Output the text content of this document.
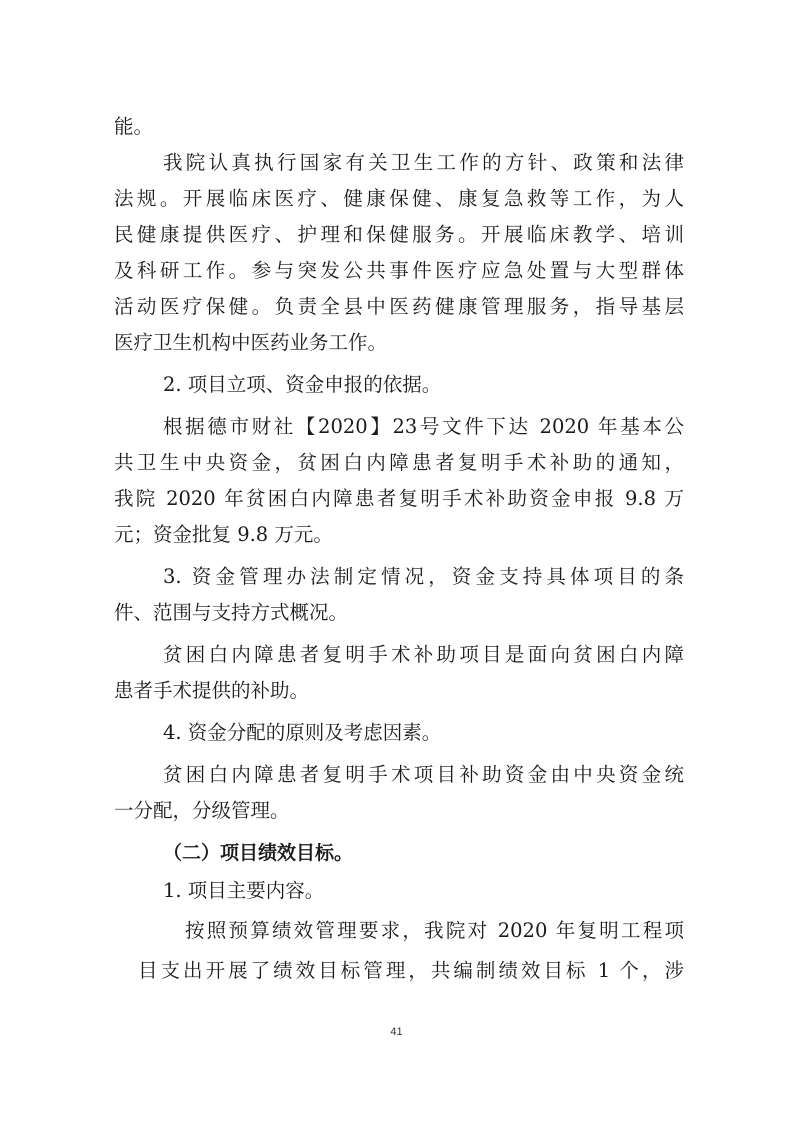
能。
我院认真执行国家有关卫生工作的方针、政策和法律
法规。开展临床医疗、健康保健、康复急救等工作，为人
民健康提供医疗、护理和保健服务。开展临床教学、培训
及科研工作。参与突发公共事件医疗应急处置与大型群体
活动医疗保健。负责全县中医药健康管理服务，指导基层
医疗卫生机构中医药业务工作。
2. 项目立项、资金申报的依据。
根据德市财社【2020】23号文件下达 2020 年基本公
共卫生中央资金，贫困白内障患者复明手术补助的通知，
我院 2020 年贫困白内障患者复明手术补助资金申报 9.8 万
元；资金批复 9.8 万元。
3. 资金管理办法制定情况，资金支持具体项目的条
件、范围与支持方式概况。
贫困白内障患者复明手术补助项目是面向贫困白内障
患者手术提供的补助。
4. 资金分配的原则及考虑因素。
贫困白内障患者复明手术项目补助资金由中央资金统
一分配，分级管理。
（二）项目绩效目标。
1. 项目主要内容。
按照预算绩效管理要求，我院对 2020 年复明工程项
目支出开展了绩效目标管理，共编制绩效目标 1 个，涉
41
